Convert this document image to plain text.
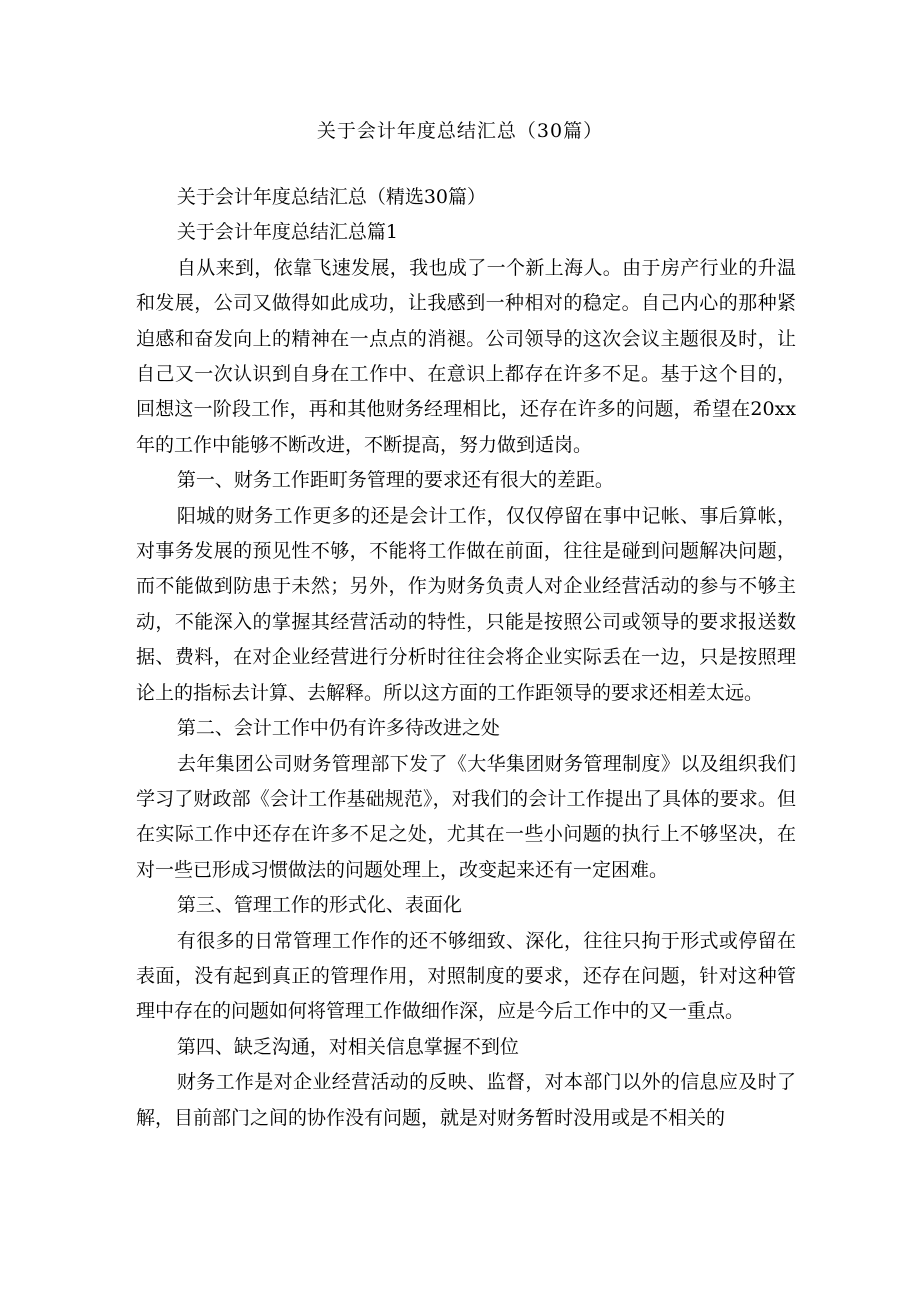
关于会计年度总结汇总（30篇）

关于会计年度总结汇总（精选30篇）

关于会计年度总结汇总篇1

自从来到，依靠飞速发展，我也成了一个新上海人。由于房产行业的升温和发展，公司又做得如此成功，让我感到一种相对的稳定。自己内心的那种紧迫感和奋发向上的精神在一点点的消褪。公司领导的这次会议主题很及时，让自己又一次认识到自身在工作中、在意识上都存在许多不足。基于这个目的，回想这一阶段工作，再和其他财务经理相比，还存在许多的问题，希望在20xx年的工作中能够不断改进，不断提高，努力做到适岗。

第一、财务工作距町务管理的要求还有很大的差距。

阳城的财务工作更多的还是会计工作，仅仅停留在事中记帐、事后算帐，对事务发展的预见性不够，不能将工作做在前面，往往是碰到问题解决问题，而不能做到防患于未然；另外，作为财务负责人对企业经营活动的参与不够主动，不能深入的掌握其经营活动的特性，只能是按照公司或领导的要求报送数据、费料，在对企业经营进行分析时往往会将企业实际丢在一边，只是按照理论上的指标去计算、去解释。所以这方面的工作距领导的要求还相差太远。

第二、会计工作中仍有许多待改进之处

去年集团公司财务管理部下发了《大华集团财务管理制度》以及组织我们学习了财政部《会计工作基础规范》，对我们的会计工作提出了具体的要求。但在实际工作中还存在许多不足之处，尤其在一些小问题的执行上不够坚决，在对一些已形成习惯做法的问题处理上，改变起来还有一定困难。

第三、管理工作的形式化、表面化

有很多的日常管理工作作的还不够细致、深化，往往只拘于形式或停留在表面，没有起到真正的管理作用，对照制度的要求，还存在问题，针对这种管理中存在的问题如何将管理工作做细作深，应是今后工作中的又一重点。

第四、缺乏沟通，对相关信息掌握不到位

财务工作是对企业经营活动的反映、监督，对本部门以外的信息应及时了解，目前部门之间的协作没有问题，就是对财务暂时没用或是不相关的
